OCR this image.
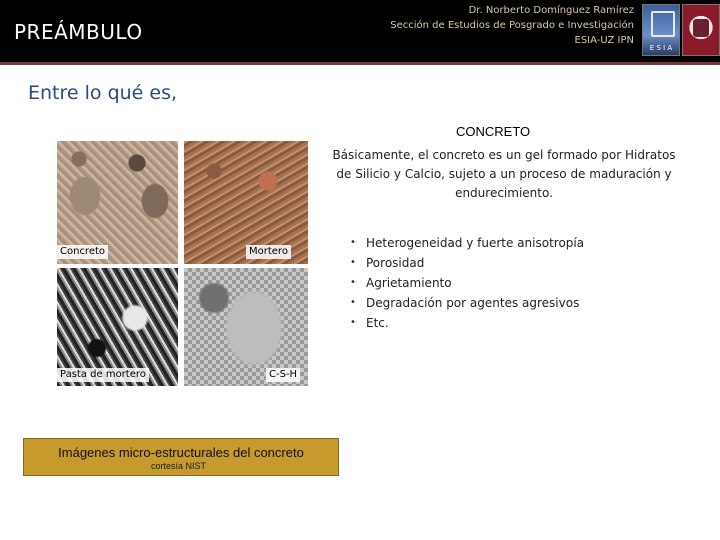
PREÁMBULO
Dr. Norberto Domínguez Ramírez
Sección de Estudios de Posgrado e Investigación
ESIA-UZ IPN
E S I A
Entre lo qué es,
Concreto	Mortero
Pasta de mortero	C-S-H
Imágenes micro-estructurales del concreto
cortesía NIST
CONCRETO
Básicamente, el concreto es un gel formado por Hidratos de Silicio y Calcio, sujeto a un proceso de maduración y endurecimiento.
• Heterogeneidad y fuerte anisotropía
• Porosidad
• Agrietamiento
• Degradación por agentes agresivos
• Etc.
